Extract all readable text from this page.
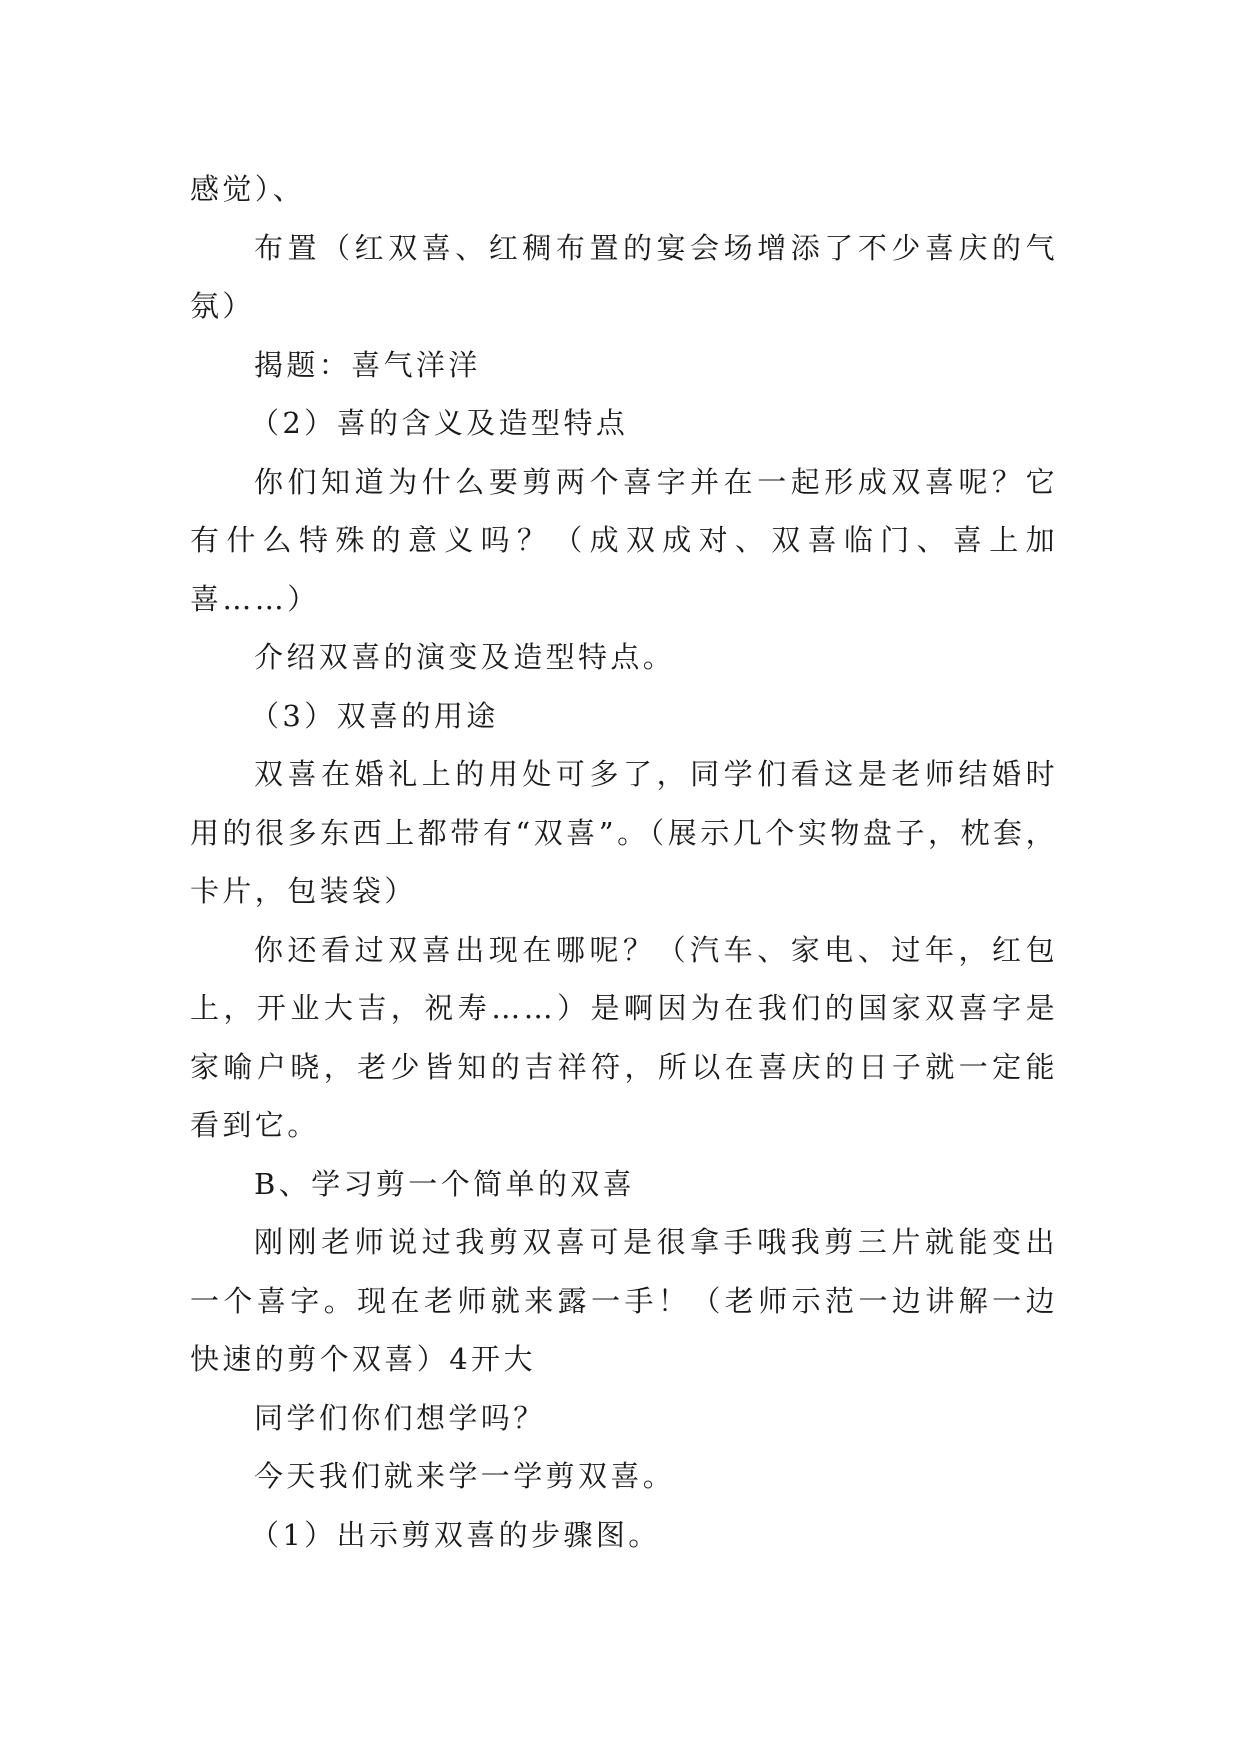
感觉）、

布置（红双喜、红稠布置的宴会场增添了不少喜庆的气氛）

揭题：喜气洋洋

（2）喜的含义及造型特点

你们知道为什么要剪两个喜字并在一起形成双喜呢？它有什么特殊的意义吗？（成双成对、双喜临门、喜上加喜……）

介绍双喜的演变及造型特点。

（3）双喜的用途

双喜在婚礼上的用处可多了，同学们看这是老师结婚时用的很多东西上都带有“双喜”。（展示几个实物盘子，枕套，卡片，包装袋）

你还看过双喜出现在哪呢？（汽车、家电、过年，红包上，开业大吉，祝寿……）是啊因为在我们的国家双喜字是家喻户晓，老少皆知的吉祥符，所以在喜庆的日子就一定能看到它。

B、学习剪一个简单的双喜

刚刚老师说过我剪双喜可是很拿手哦我剪三片就能变出一个喜字。现在老师就来露一手！（老师示范一边讲解一边快速的剪个双喜）4开大

同学们你们想学吗？

今天我们就来学一学剪双喜。

（1）出示剪双喜的步骤图。
